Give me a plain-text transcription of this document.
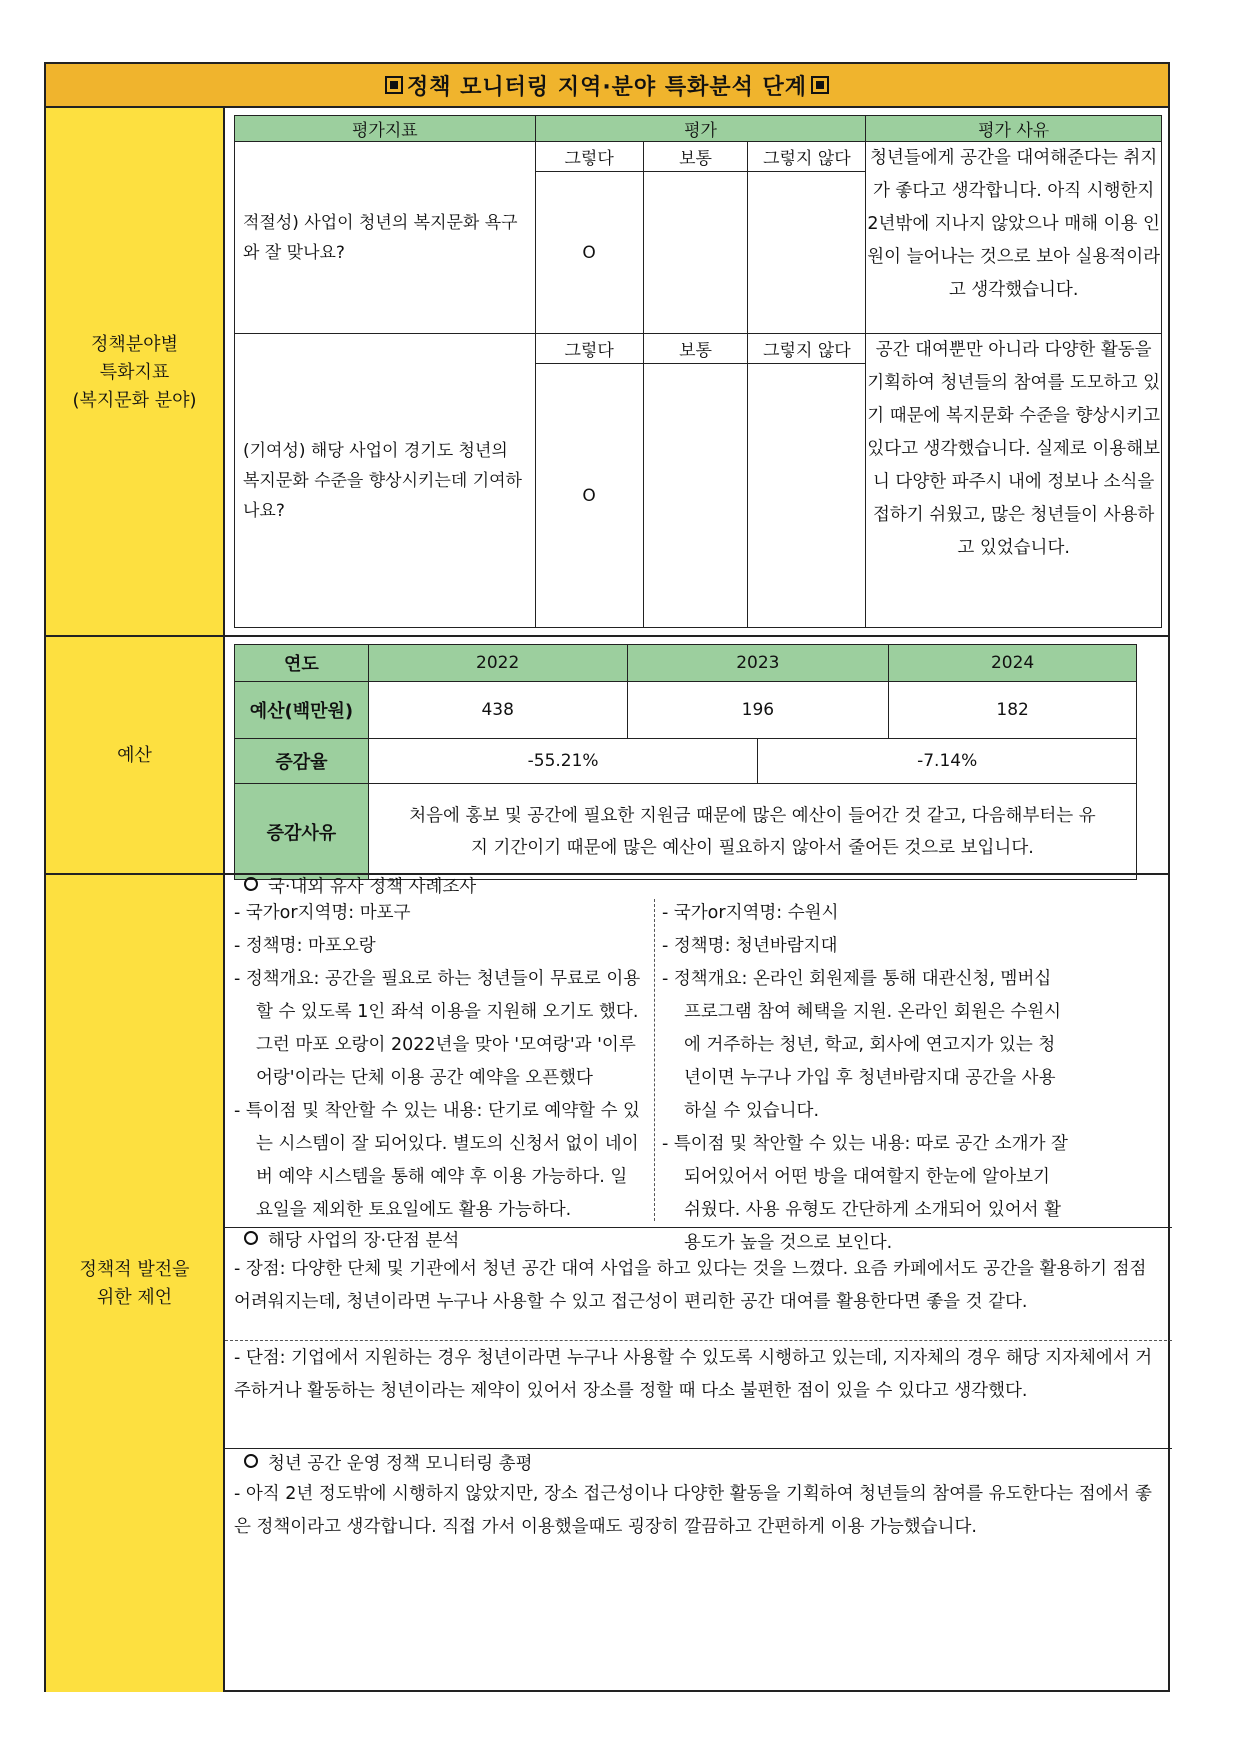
정책 모니터링 지역·분야 특화분석 단계
정책분야별
특화지표
(복지문화 분야)
평가지표	평가			평가 사유
적절성) 사업이 청년의 복지문화 욕구와 잘 맞나요?	그렇다	보통	그렇지 않다	청년들에게 공간을 대여해준다는 취지가 좋다고 생각합니다. 아직 시행한지 2년밖에 지나지 않았으나 매해 이용 인원이 늘어나는 것으로 보아 실용적이라고 생각했습니다.
	O			
(기여성) 해당 사업이 경기도 청년의 복지문화 수준을 향상시키는데 기여하나요?	그렇다	보통	그렇지 않다	공간 대여뿐만 아니라 다양한 활동을 기획하여 청년들의 참여를 도모하고 있기 때문에 복지문화 수준을 향상시키고 있다고 생각했습니다. 실제로 이용해보니 다양한 파주시 내에 정보나 소식을 접하기 쉬웠고, 많은 청년들이 사용하고 있었습니다.
	O			
예산
연도	2022	2023		2024
예산(백만원)	438	196		182
증감율	-55.21%		-7.14%	
증감사유	처음에 홍보 및 공간에 필요한 지원금 때문에 많은 예산이 들어간 것 같고, 다음해부터는 유지 기간이기 때문에 많은 예산이 필요하지 않아서 줄어든 것으로 보입니다.			
정책적 발전을
위한 제언
국·내외 유사 정책 사례조사

- 국가or지역명: 마포구

- 정책명: 마포오랑

- 정책개요: 공간을 필요로 하는 청년들이 무료로 이용할 수 있도록 1인 좌석 이용을 지원해 오기도 했다. 그런 마포 오랑이 2022년을 맞아 '모여랑'과 '이루어랑'이라는 단체 이용 공간 예약을 오픈했다

- 특이점 및 착안할 수 있는 내용: 단기로 예약할 수 있는 시스템이 잘 되어있다. 별도의 신청서 없이 네이버 예약 시스템을 통해 예약 후 이용 가능하다. 일요일을 제외한 토요일에도 활용 가능하다.

- 국가or지역명: 수원시

- 정책명: 청년바람지대

- 정책개요: 온라인 회원제를 통해 대관신청, 멤버십 프로그램 참여 혜택을 지원. 온라인 회원은 수원시에 거주하는 청년, 학교, 회사에 연고지가 있는 청년이면 누구나 가입 후 청년바람지대 공간을 사용하실 수 있습니다.

- 특이점 및 착안할 수 있는 내용: 따로 공간 소개가 잘 되어있어서 어떤 방을 대여할지 한눈에 알아보기 쉬웠다. 사용 유형도 간단하게 소개되어 있어서 활용도가 높을 것으로 보인다.

해당 사업의 장·단점 분석

- 장점: 다양한 단체 및 기관에서 청년 공간 대여 사업을 하고 있다는 것을 느꼈다. 요즘 카페에서도 공간을 활용하기 점점 어려워지는데, 청년이라면 누구나 사용할 수 있고 접근성이 편리한 공간 대여를 활용한다면 좋을 것 같다.

- 단점: 기업에서 지원하는 경우 청년이라면 누구나 사용할 수 있도록 시행하고 있는데, 지자체의 경우 해당 지자체에서 거주하거나 활동하는 청년이라는 제약이 있어서 장소를 정할 때 다소 불편한 점이 있을 수 있다고 생각했다.

청년 공간 운영 정책 모니터링 총평

- 아직 2년 정도밖에 시행하지 않았지만, 장소 접근성이나 다양한 활동을 기획하여 청년들의 참여를 유도한다는 점에서 좋은 정책이라고 생각합니다. 직접 가서 이용했을때도 굉장히 깔끔하고 간편하게 이용 가능했습니다.
